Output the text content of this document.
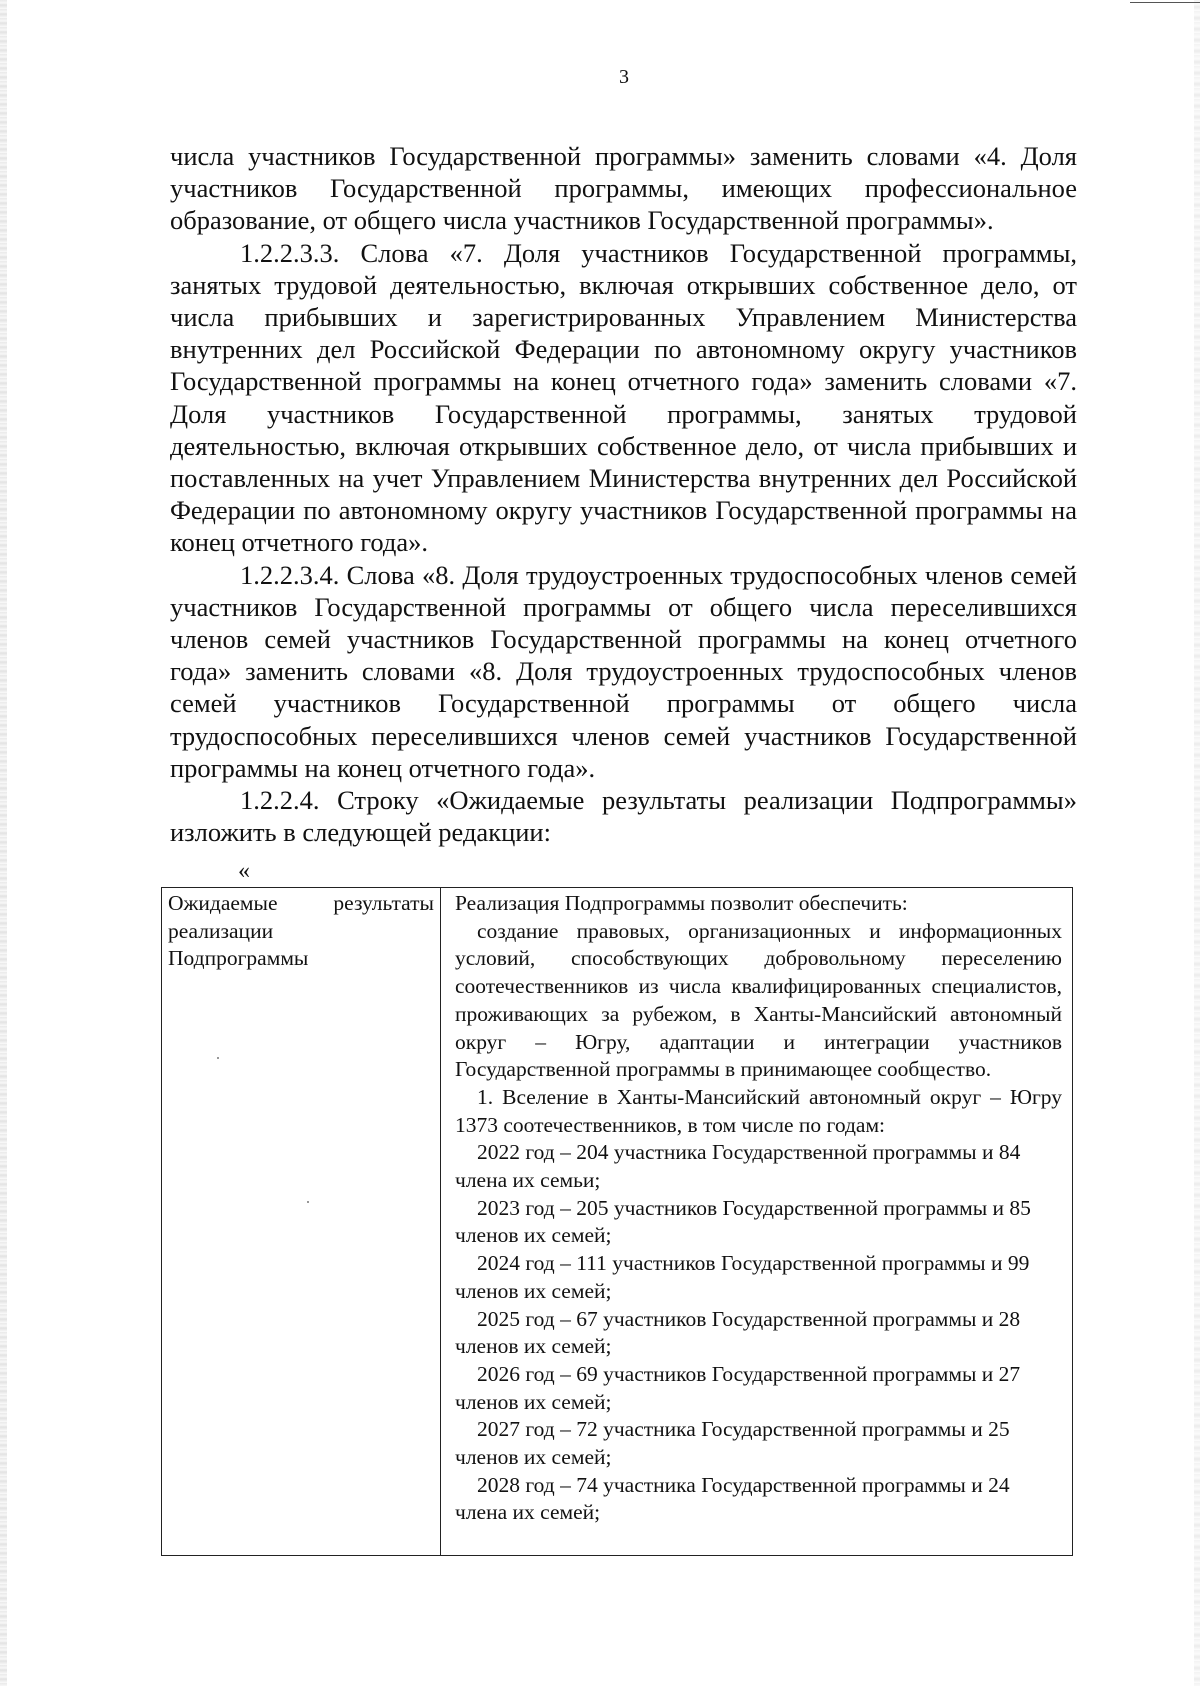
3

числа участников Государственной программы» заменить словами «4. Доля участников Государственной программы, имеющих профессиональное образование, от общего числа участников Государственной программы».

1.2.2.3.3. Слова «7. Доля участников Государственной программы, занятых трудовой деятельностью, включая открывших собственное дело, от числа прибывших и зарегистрированных Управлением Министерства внутренних дел Российской Федерации по автономному округу участников Государственной программы на конец отчетного года» заменить словами «7. Доля участников Государственной программы, занятых трудовой деятельностью, включая открывших собственное дело, от числа прибывших и поставленных на учет Управлением Министерства внутренних дел Российской Федерации по автономному округу участников Государственной программы на конец отчетного года».

1.2.2.3.4. Слова «8. Доля трудоустроенных трудоспособных членов семей участников Государственной программы от общего числа переселившихся членов семей участников Государственной программы на конец отчетного года» заменить словами «8. Доля трудоустроенных трудоспособных членов семей участников Государственной программы от общего числа трудоспособных переселившихся членов семей участников Государственной программы на конец отчетного года».

1.2.2.4. Строку «Ожидаемые результаты реализации Подпрограммы» изложить в следующей редакции:

«
Ожидаемые	результаты
реализации
Подпрограммы

Реализация Подпрограммы позволит обеспечить:

создание правовых, организационных и информационных условий, способствующих добровольному переселению соотечественников из числа квалифицированных специалистов, проживающих за рубежом, в Ханты-Мансийский автономный округ – Югру, адаптации и интеграции участников Государственной программы в принимающее сообщество.

1. Вселение в Ханты-Мансийский автономный округ – Югру 1373 соотечественников, в том числе по годам:

2022 год – 204 участника Государственной программы и 84 члена их семьи;

2023 год – 205 участников Государственной программы и 85 членов их семей;

2024 год – 111 участников Государственной программы и 99 членов их семей;

2025 год – 67 участников Государственной программы и 28 членов их семей;

2026 год – 69 участников Государственной программы и 27 членов их семей;

2027 год – 72 участника Государственной программы и 25 членов их семей;

2028 год – 74 участника Государственной программы и 24 члена их семей;
